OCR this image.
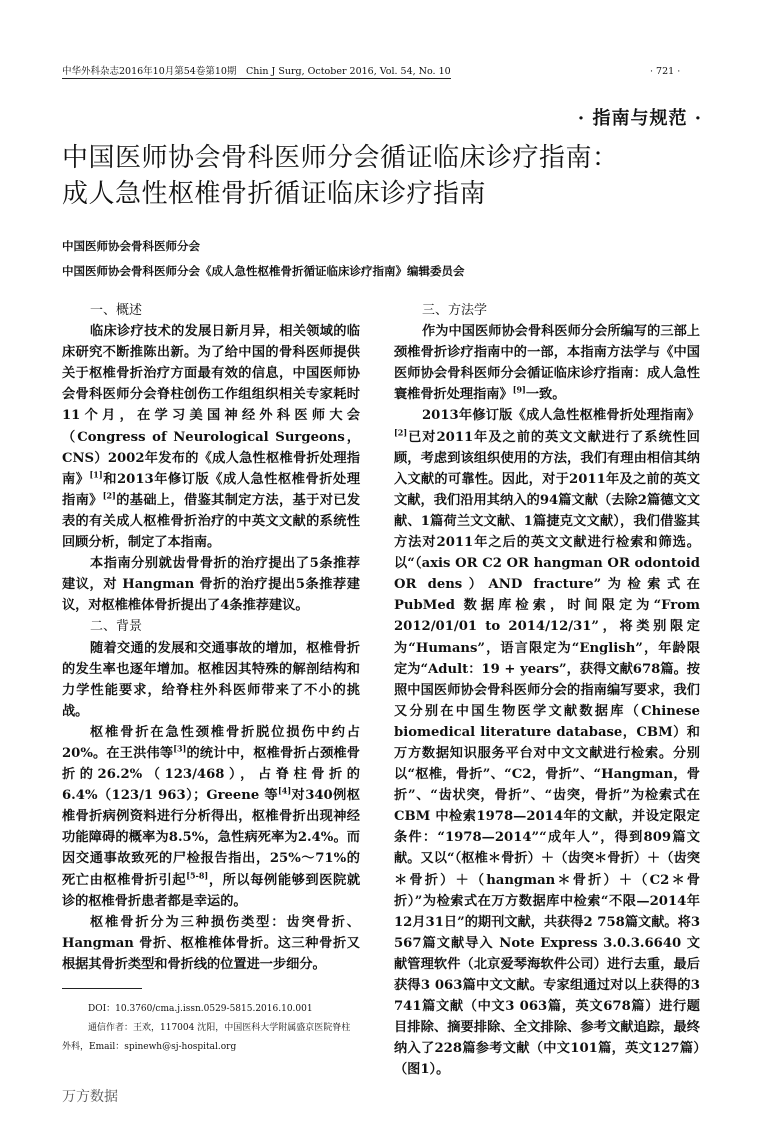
中华外科杂志2016年10月第54卷第10期　Chin J Surg, October 2016, Vol. 54, No. 10	· 721 ·
· 指南与规范 ·
中国医师协会骨科医师分会循证临床诊疗指南：
成人急性枢椎骨折循证临床诊疗指南
中国医师协会骨科医师分会
中国医师协会骨科医师分会《成人急性枢椎骨折循证临床诊疗指南》编辑委员会
一、概述

临床诊疗技术的发展日新月异，相关领域的临床研究不断推陈出新。为了给中国的骨科医师提供关于枢椎骨折治疗方面最有效的信息，中国医师协会骨科医师分会脊柱创伤工作组组织相关专家耗时11个月，在学习美国神经外科医师大会（Congress of Neurological Surgeons，CNS）2002年发布的《成人急性枢椎骨折处理指南》[1]和2013年修订版《成人急性枢椎骨折处理指南》[2]的基础上，借鉴其制定方法，基于对已发表的有关成人枢椎骨折治疗的中英文文献的系统性回顾分析，制定了本指南。

本指南分别就齿骨骨折的治疗提出了5条推荐建议，对 Hangman 骨折的治疗提出5条推荐建议，对枢椎椎体骨折提出了4条推荐建议。

二、背景

随着交通的发展和交通事故的增加，枢椎骨折的发生率也逐年增加。枢椎因其特殊的解剖结构和力学性能要求，给脊柱外科医师带来了不小的挑战。

枢椎骨折在急性颈椎骨折脱位损伤中约占20%。在王洪伟等[3]的统计中，枢椎骨折占颈椎骨折的26.2%（123/468），占脊柱骨折的6.4%（123/1 963）；Greene 等[4]对340例枢椎骨折病例资料进行分析得出，枢椎骨折出现神经功能障碍的概率为8.5%，急性病死率为2.4%。而因交通事故致死的尸检报告指出，25%～71%的死亡由枢椎骨折引起[5-8]，所以每例能够到医院就诊的枢椎骨折患者都是幸运的。

枢椎骨折分为三种损伤类型：齿突骨折、Hangman 骨折、枢椎椎体骨折。这三种骨折又根据其骨折类型和骨折线的位置进一步细分。

三、方法学

作为中国医师协会骨科医师分会所编写的三部上颈椎骨折诊疗指南中的一部，本指南方法学与《中国医师协会骨科医师分会循证临床诊疗指南：成人急性寰椎骨折处理指南》[9]一致。

2013年修订版《成人急性枢椎骨折处理指南》[2]已对2011年及之前的英文文献进行了系统性回顾，考虑到该组织使用的方法，我们有理由相信其纳入文献的可靠性。因此，对于2011年及之前的英文文献，我们沿用其纳入的94篇文献（去除2篇德文文献、1篇荷兰文文献、1篇捷克文文献），我们借鉴其方法对2011年之后的英文文献进行检索和筛选。以“（axis OR C2 OR hangman OR odontoid OR dens）AND fracture”为检索式在 PubMed 数据库检索，时间限定为“From 2012/01/01 to 2014/12/31”，将类别限定为“Humans”，语言限定为“English”，年龄限定为“Adult：19 + years”，获得文献678篇。按照中国医师协会骨科医师分会的指南编写要求，我们又分别在中国生物医学文献数据库（Chinese biomedical literature database，CBM）和万方数据知识服务平台对中文文献进行检索。分别以“枢椎，骨折”、“C2，骨折”、“Hangman，骨折”、“齿状突，骨折”、“齿突，骨折”为检索式在 CBM 中检索1978—2014年的文献，并设定限定条件：“1978—2014”“成年人”，得到809篇文献。又以“（枢椎＊骨折）＋（齿突＊骨折）＋（齿突＊骨折）＋（hangman＊骨折）＋（C2＊骨折）”为检索式在万方数据库中检索“不限—2014年12月31日”的期刊文献，共获得2 758篇文献。将3 567篇文献导入 Note Express 3.0.3.6640 文献管理软件（北京爱琴海软件公司）进行去重，最后获得3 063篇中文文献。专家组通过对以上获得的3 741篇文献（中文3 063篇，英文678篇）进行题目排除、摘要排除、全文排除、参考文献追踪，最终纳入了228篇参考文献（中文101篇，英文127篇）（图1）。

DOI：10.3760/cma.j.issn.0529-5815.2016.10.001
通信作者：王欢，117004 沈阳，中国医科大学附属盛京医院脊柱
外科，Email：spinewh@sj-hospital.org
万方数据
